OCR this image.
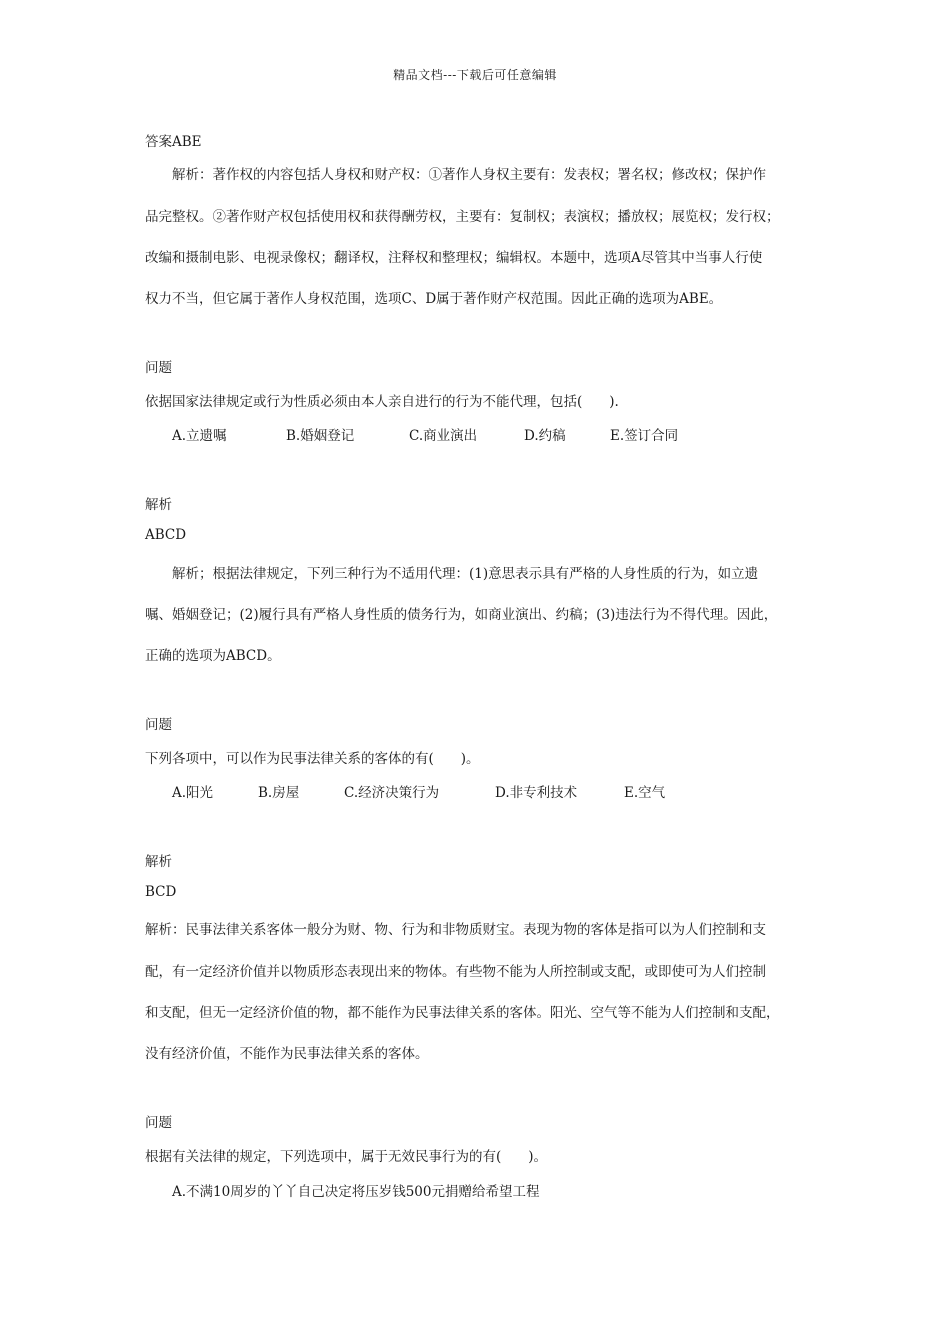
精品文档---下载后可任意编辑
答案ABE
解析：著作权的内容包括人身权和财产权：①著作人身权主要有：发表权；署名权；修改权；保护作
品完整权。②著作财产权包括使用权和获得酬劳权，主要有：复制权；表演权；播放权；展览权；发行权；
改编和摄制电影、电视录像权；翻译权，注释权和整理权；编辑权。本题中，选项A尽管其中当事人行使
权力不当，但它属于著作人身权范围，选项C、D属于著作财产权范围。因此正确的选项为ABE。
问题
依据国家法律规定或行为性质必须由本人亲自进行的行为不能代理，包括(　　).
A.立遗嘱	B.婚姻登记	C.商业演出	D.约稿	E.签订合同
解析
ABCD
解析；根据法律规定，下列三种行为不适用代理：(1)意思表示具有严格的人身性质的行为，如立遗
嘱、婚姻登记；(2)履行具有严格人身性质的债务行为，如商业演出、约稿；(3)违法行为不得代理。因此，
正确的选项为ABCD。
问题
下列各项中，可以作为民事法律关系的客体的有(　　)。
A.阳光	B.房屋	C.经济决策行为	D.非专利技术	E.空气
解析
BCD
解析：民事法律关系客体一般分为财、物、行为和非物质财宝。表现为物的客体是指可以为人们控制和支
配，有一定经济价值并以物质形态表现出来的物体。有些物不能为人所控制或支配，或即使可为人们控制
和支配，但无一定经济价值的物，都不能作为民事法律关系的客体。阳光、空气等不能为人们控制和支配，
没有经济价值，不能作为民事法律关系的客体。
问题
根据有关法律的规定，下列选项中，属于无效民事行为的有(　　)。
A.不满10周岁的丫丫自己决定将压岁钱500元捐赠给希望工程
